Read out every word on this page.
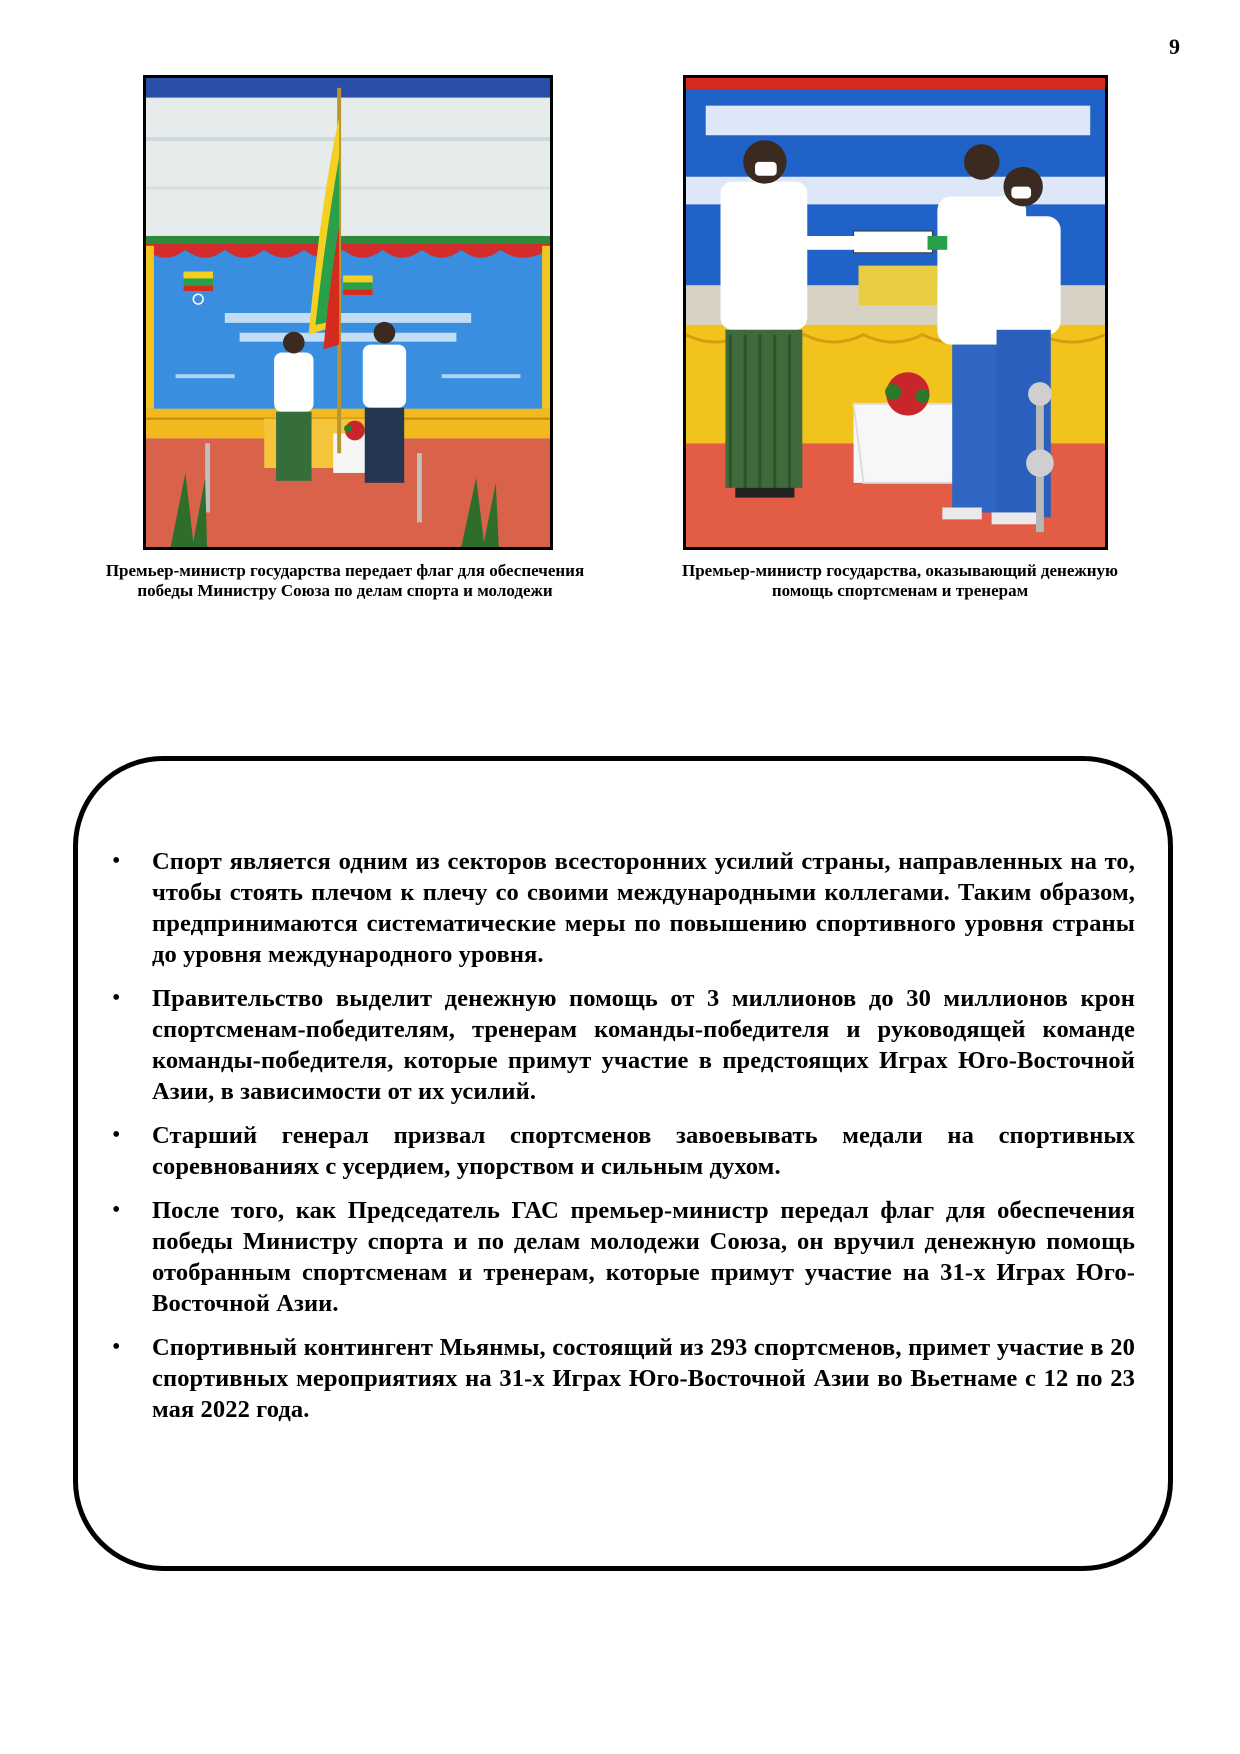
9
Премьер-министр государства передает флаг для обеспечения победы Министру Союза по делам спорта и молодежи
Премьер-министр государства, оказывающий денежную помощь спортсменам и тренерам
• Спорт является одним из секторов всесторонних усилий страны, направленных на то, чтобы стоять плечом к плечу со своими международными коллегами. Таким образом, предпринимаются систематические меры по повышению спортивного уровня страны до уровня международного уровня.
• Правительство выделит денежную помощь от 3 миллионов до 30 миллионов крон спортсменам-победителям, тренерам команды-победителя и руководящей команде команды-победителя, которые примут участие в предстоящих Играх Юго-Восточной Азии, в зависимости от их усилий.
• Старший генерал призвал спортсменов завоевывать медали на спортивных соревнованиях с усердием, упорством и сильным духом.
• После того, как Председатель ГАС премьер-министр передал флаг для обеспечения победы Министру спорта и по делам молодежи Союза, он вручил денежную помощь отобранным спортсменам и тренерам, которые примут участие на 31-х Играх Юго-Восточной Азии.
• Спортивный контингент Мьянмы, состоящий из 293 спортсменов, примет участие в 20 спортивных мероприятиях на 31-х Играх Юго-Восточной Азии во Вьетнаме с 12 по 23 мая 2022 года.
